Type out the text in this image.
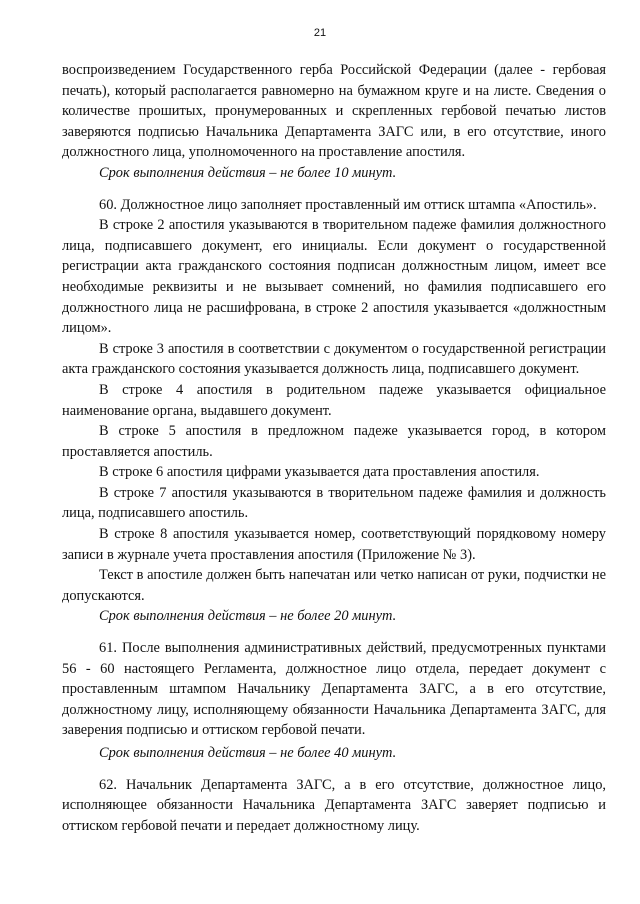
21

воспроизведением Государственного герба Российской Федерации (далее - гербовая печать), который располагается равномерно на бумажном круге и на листе. Сведения о количестве прошитых, пронумерованных и скрепленных гербовой печатью листов заверяются подписью Начальника Департамента ЗАГС или, в его отсутствие, иного должностного лица, уполномоченного на проставление апостиля.

Срок выполнения действия – не более 10 минут.

60. Должностное лицо заполняет проставленный им оттиск штампа «Апостиль».

В строке 2 апостиля указываются в творительном падеже фамилия должностного лица, подписавшего документ, его инициалы. Если документ о государственной регистрации акта гражданского состояния подписан должностным лицом, имеет все необходимые реквизиты и не вызывает сомнений, но фамилия подписавшего его должностного лица не расшифрована, в строке 2 апостиля указывается «должностным лицом».

В строке 3 апостиля в соответствии с документом о государственной регистрации акта гражданского состояния указывается должность лица, подписавшего документ.

В строке 4 апостиля в родительном падеже указывается официальное наименование органа, выдавшего документ.

В строке 5 апостиля в предложном падеже указывается город, в котором проставляется апостиль.

В строке 6 апостиля цифрами указывается дата проставления апостиля.

В строке 7 апостиля указываются в творительном падеже фамилия и должность лица, подписавшего апостиль.

В строке 8 апостиля указывается номер, соответствующий порядковому номеру записи в журнале учета проставления апостиля (Приложение № 3).

Текст в апостиле должен быть напечатан или четко написан от руки, подчистки не допускаются.

Срок выполнения действия – не более 20 минут.

61. После выполнения административных действий, предусмотренных пунктами 56 - 60 настоящего Регламента, должностное лицо отдела, передает документ с проставленным штампом Начальнику Департамента ЗАГС, а в его отсутствие, должностному лицу, исполняющему обязанности Начальника Департамента ЗАГС, для заверения подписью и оттиском гербовой печати.

Срок выполнения действия – не более 40 минут.

62. Начальник Департамента ЗАГС, а в его отсутствие, должностное лицо, исполняющее обязанности Начальника Департамента ЗАГС заверяет подписью и оттиском гербовой печати и передает должностному лицу.
